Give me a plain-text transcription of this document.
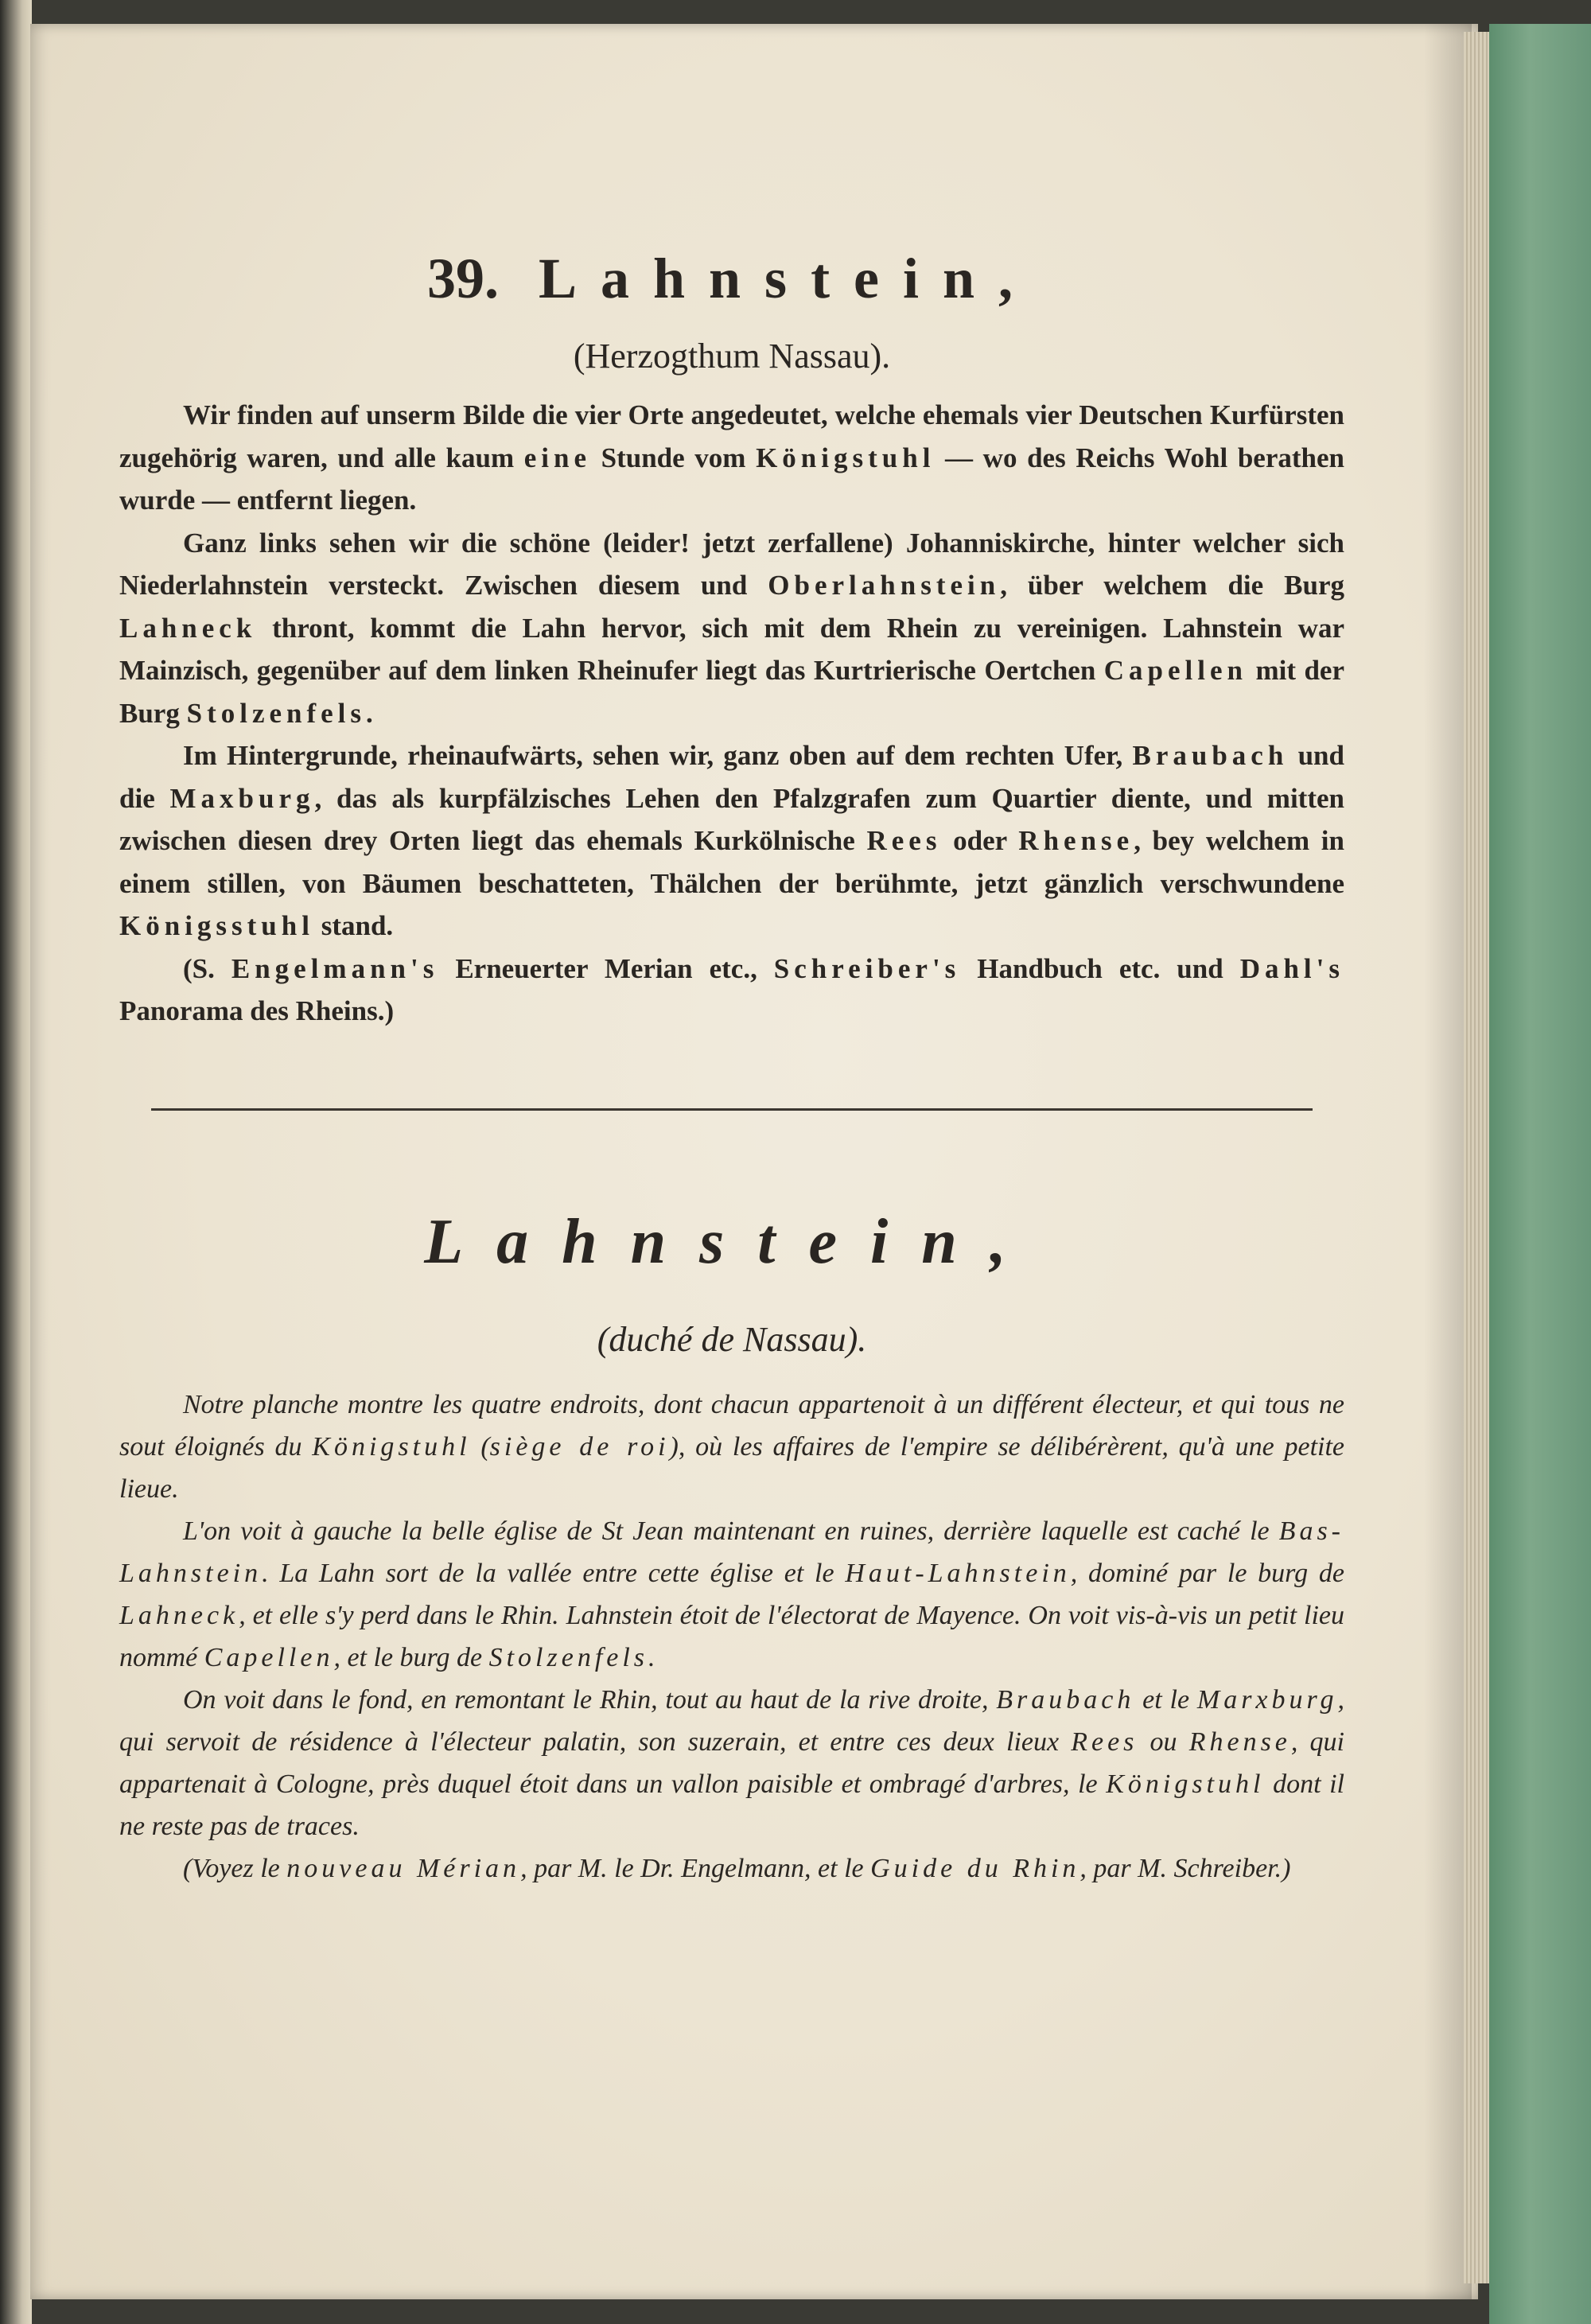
39. Lahnstein,
(Herzogthum Nassau).

Wir finden auf unserm Bilde die vier Orte angedeutet, welche ehemals vier Deutschen Kurfürsten zugehörig waren, und alle kaum eine Stunde vom Königstuhl — wo des Reichs Wohl berathen wurde — entfernt liegen.

Ganz links sehen wir die schöne (leider! jetzt zerfallene) Johanniskirche, hinter welcher sich Niederlahnstein versteckt. Zwischen diesem und Oberlahnstein, über welchem die Burg Lahneck thront, kommt die Lahn hervor, sich mit dem Rhein zu vereinigen. Lahnstein war Mainzisch, gegenüber auf dem linken Rheinufer liegt das Kurtrierische Oertchen Capellen mit der Burg Stolzenfels.

Im Hintergrunde, rheinaufwärts, sehen wir, ganz oben auf dem rechten Ufer, Braubach und die Maxburg, das als kurpfälzisches Lehen den Pfalzgrafen zum Quartier diente, und mitten zwischen diesen drey Orten liegt das ehemals Kurkölnische Rees oder Rhense, bey welchem in einem stillen, von Bäumen beschatteten, Thälchen der berühmte, jetzt gänzlich verschwundene Königsstuhl stand.

(S. Engelmann's Erneuerter Merian etc., Schreiber's Handbuch etc. und Dahl's Panorama des Rheins.)

Lahnstein,
(duché de Nassau).

Notre planche montre les quatre endroits, dont chacun appartenoit à un différent électeur, et qui tous ne sout éloignés du Königstuhl (siège de roi), où les affaires de l'empire se délibérèrent, qu'à une petite lieue.

L'on voit à gauche la belle église de St Jean maintenant en ruines, derrière laquelle est caché le Bas-Lahnstein. La Lahn sort de la vallée entre cette église et le Haut-Lahnstein, dominé par le burg de Lahneck, et elle s'y perd dans le Rhin. Lahnstein étoit de l'électorat de Mayence. On voit vis-à-vis un petit lieu nommé Capellen, et le burg de Stolzenfels.

On voit dans le fond, en remontant le Rhin, tout au haut de la rive droite, Braubach et le Marxburg, qui servoit de résidence à l'électeur palatin, son suzerain, et entre ces deux lieux Rees ou Rhense, qui appartenait à Cologne, près duquel étoit dans un vallon paisible et ombragé d'arbres, le Königstuhl dont il ne reste pas de traces.

(Voyez le nouveau Mérian, par M. le Dr. Engelmann, et le Guide du Rhin, par M. Schreiber.)
